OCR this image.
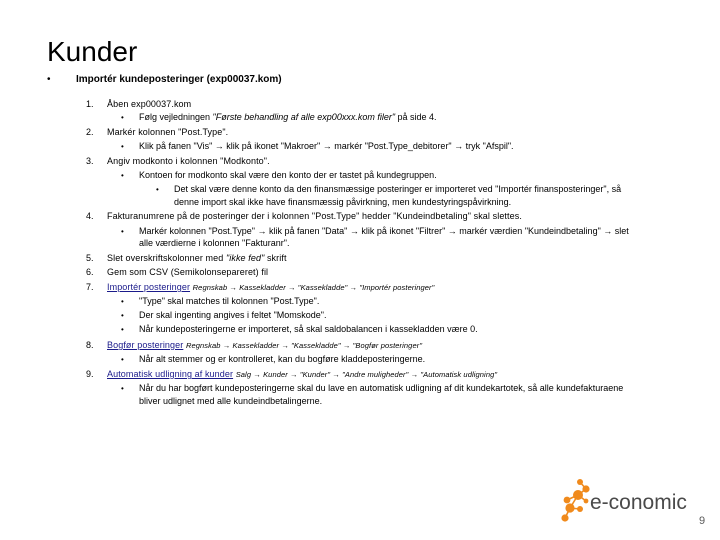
Kunder
•	Importér kundeposteringer (exp00037.kom)
1. Åben exp00037.kom
• Følg vejledningen "Første behandling af alle exp00xxx.kom filer" på side 4.
2. Markér kolonnen "Post.Type".
• Klik på fanen "Vis" → klik på ikonet "Makroer" → markér "Post.Type_debitorer" → tryk "Afspil".
3. Angiv modkonto i kolonnen "Modkonto".
• Kontoen for modkonto skal være den konto der er tastet på kundegruppen.
• Det skal være denne konto da den finansmæssige posteringer er importeret ved "Importér finansposteringer", så
denne import skal ikke have finansmæssig påvirkning, men kundestyringspåvirkning.
4. Fakturanumrene på de posteringer der i kolonnen "Post.Type" hedder "Kundeindbetaling" skal slettes.
• Markér kolonnen "Post.Type" → klik på fanen "Data" → klik på ikonet "Filtrer" → markér værdien "Kundeindbetaling" → slet
alle værdierne i kolonnen "Fakturanr".
5. Slet overskriftskolonner med "ikke fed" skrift
6. Gem som CSV (Semikolonsepareret) fil
7. Importér posteringer Regnskab → Kassekladder → "Kassekladde" → "Importér posteringer"
• "Type" skal matches til kolonnen "Post.Type".
• Der skal ingenting angives i feltet "Momskode".
• Når kundeposteringerne er importeret, så skal saldobalancen i kassekladden være 0.
8. Bogfør posteringer Regnskab → Kassekladder → "Kassekladde" → "Bogfør posteringer"
• Når alt stemmer og er kontrolleret, kan du bogføre kladdeposteringerne.
9. Automatisk udligning af kunder Salg → Kunder → "Kunder" → "Andre muligheder" → "Automatisk udligning"
• Når du har bogført kundeposteringerne skal du lave en automatisk udligning af dit kundekartotek, så alle kundefakturaene
bliver udlignet med alle kundeindbetalingerne.
e-conomic
9
